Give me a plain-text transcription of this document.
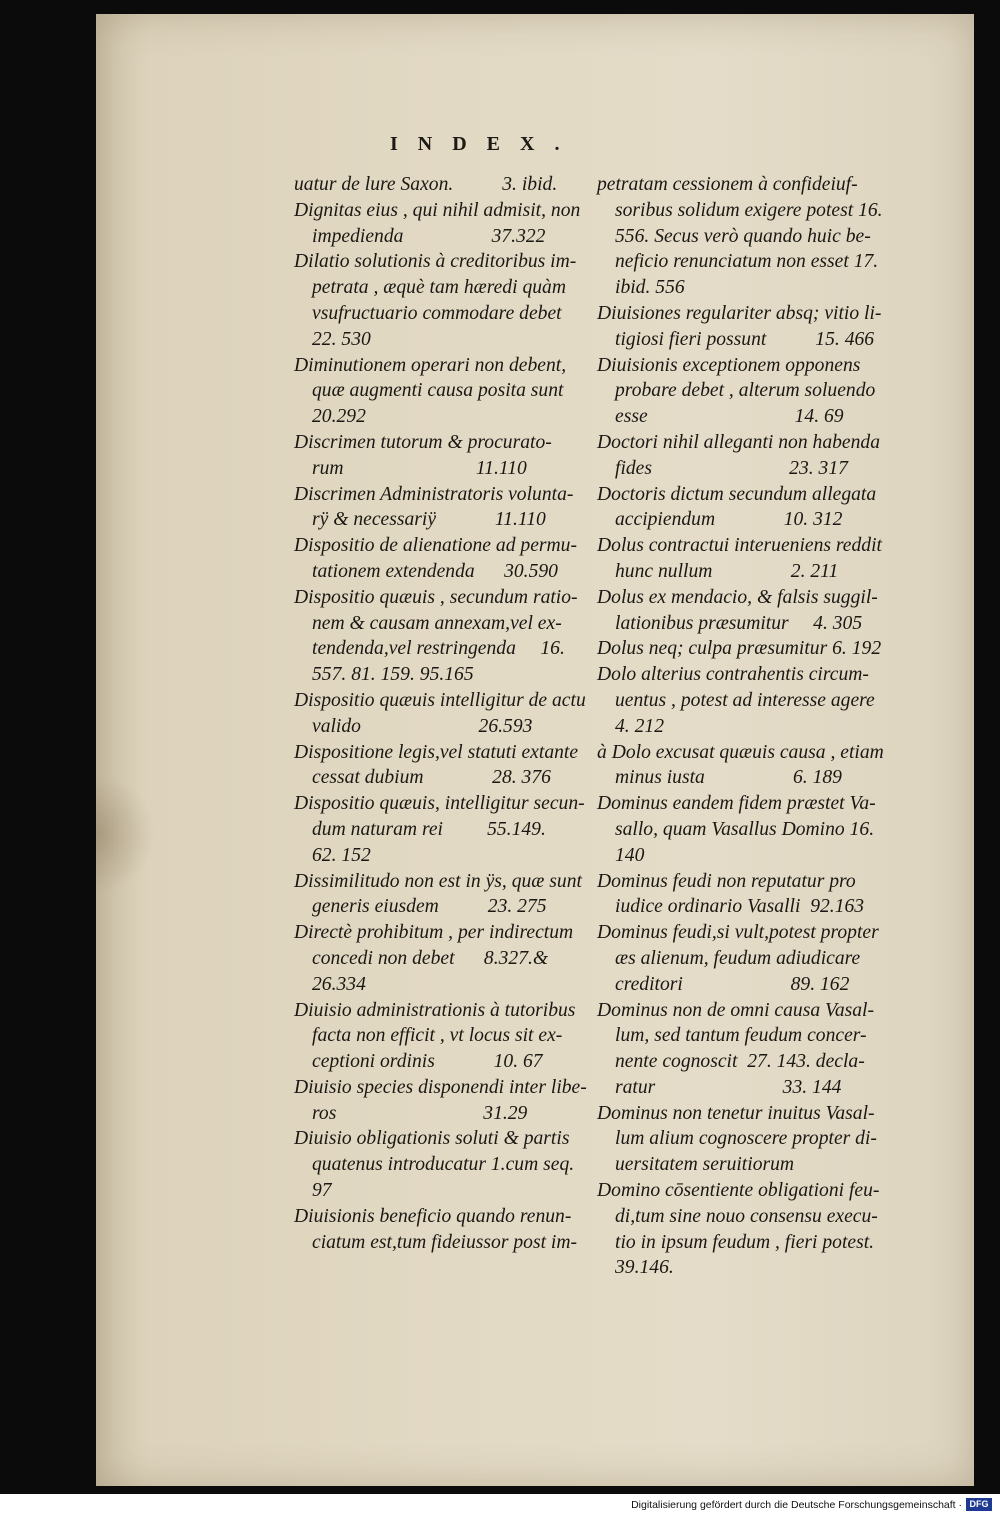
INDEX.
uatur de lure Saxon.          3. ibid.
Dignitas eius , qui nihil admisit, non
impedienda                  37.322
Dilatio solutionis à creditoribus im-
petrata , æquè tam hæredi quàm
vsufructuario commodare debet
22. 530
Diminutionem operari non debent,
quæ augmenti causa posita sunt
20.292
Discrimen tutorum & procurato-
rum                           11.110
Discrimen Administratoris volunta-
rÿ & necessariÿ            11.110
Dispositio de alienatione ad permu-
tationem extendenda      30.590
Dispositio quæuis , secundum ratio-
nem & causam annexam,vel ex-
tendenda,vel restringenda     16.
557. 81. 159. 95.165
Dispositio quæuis intelligitur de actu
valido                        26.593
Dispositione legis,vel statuti extante
cessat dubium              28. 376
Dispositio quæuis, intelligitur secun-
dum naturam rei         55.149.
62. 152
Dissimilitudo non est in ÿs, quæ sunt
generis eiusdem          23. 275
Directè prohibitum , per indirectum
concedi non debet      8.327.&
26.334
Diuisio administrationis à tutoribus
facta non efficit , vt locus sit ex-
ceptioni ordinis            10. 67
Diuisio species disponendi inter libe-
ros                              31.29
Diuisio obligationis soluti & partis
quatenus introducatur 1.cum seq.
97
Diuisionis beneficio quando renun-
ciatum est,tum fideiussor post im-
petratam cessionem à confideiuf-
soribus solidum exigere potest 16.
556. Secus verò quando huic be-
neficio renunciatum non esset 17.
ibid. 556
Diuisiones regulariter absq; vitio li-
tigiosi fieri possunt          15. 466
Diuisionis exceptionem opponens
probare debet , alterum soluendo
esse                              14. 69
Doctori nihil alleganti non habenda
fides                            23. 317
Doctoris dictum secundum allegata
accipiendum              10. 312
Dolus contractui interueniens reddit
hunc nullum                2. 211
Dolus ex mendacio, & falsis suggil-
lationibus præsumitur     4. 305
Dolus neq; culpa præsumitur 6. 192
Dolo alterius contrahentis circum-
uentus , potest ad interesse agere
4. 212
à Dolo excusat quæuis causa , etiam
minus iusta                  6. 189
Dominus eandem fidem præstet Va-
sallo, quam Vasallus Domino 16.
140
Dominus feudi non reputatur pro
iudice ordinario Vasalli  92.163
Dominus feudi,si vult,potest propter
æs alienum, feudum adiudicare
creditori                      89. 162
Dominus non de omni causa Vasal-
lum, sed tantum feudum concer-
nente cognoscit  27. 143. decla-
ratur                          33. 144
Dominus non tenetur inuitus Vasal-
lum alium cognoscere propter di-
uersitatem seruitiorum
Domino cōsentiente obligationi feu-
di,tum sine nouo consensu execu-
tio in ipsum feudum , fieri potest.
39.146.
Digitalisierung gefördert durch die Deutsche Forschungsgemeinschaft · DFG
